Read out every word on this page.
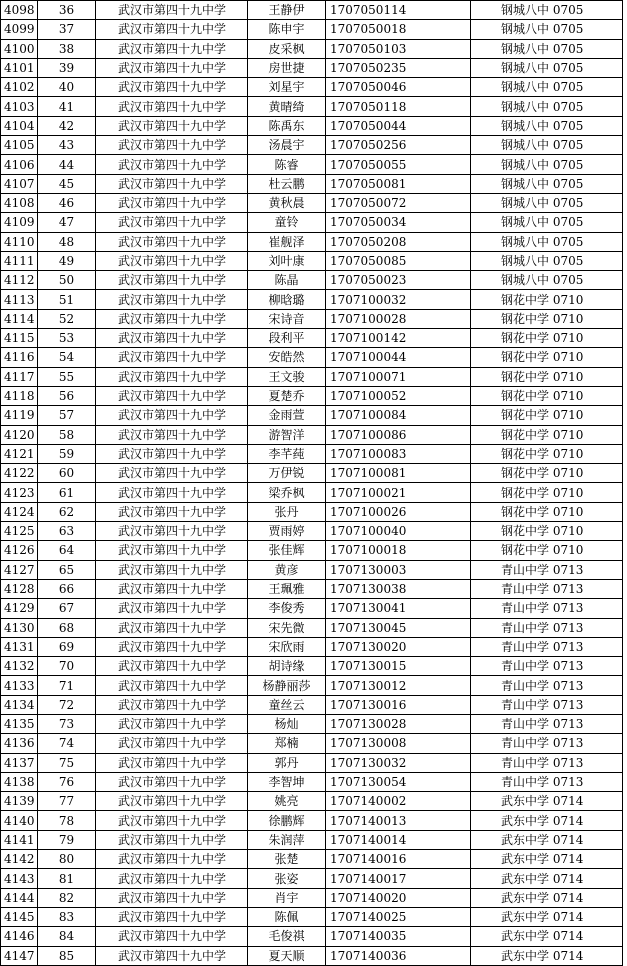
4098	36	武汉市第四十九中学	王静伊	1707050114	钢城八中 0705
4099	37	武汉市第四十九中学	陈申宇	1707050018	钢城八中 0705
4100	38	武汉市第四十九中学	皮采枫	1707050103	钢城八中 0705
4101	39	武汉市第四十九中学	房世捷	1707050235	钢城八中 0705
4102	40	武汉市第四十九中学	刘星宇	1707050046	钢城八中 0705
4103	41	武汉市第四十九中学	黄晴绮	1707050118	钢城八中 0705
4104	42	武汉市第四十九中学	陈禹东	1707050044	钢城八中 0705
4105	43	武汉市第四十九中学	汤晨宇	1707050256	钢城八中 0705
4106	44	武汉市第四十九中学	陈睿	1707050055	钢城八中 0705
4107	45	武汉市第四十九中学	杜云鹏	1707050081	钢城八中 0705
4108	46	武汉市第四十九中学	黄秋晨	1707050072	钢城八中 0705
4109	47	武汉市第四十九中学	童铃	1707050034	钢城八中 0705
4110	48	武汉市第四十九中学	崔舰泽	1707050208	钢城八中 0705
4111	49	武汉市第四十九中学	刘叶康	1707050085	钢城八中 0705
4112	50	武汉市第四十九中学	陈晶	1707050023	钢城八中 0705
4113	51	武汉市第四十九中学	柳晗璐	1707100032	钢花中学 0710
4114	52	武汉市第四十九中学	宋诗音	1707100028	钢花中学 0710
4115	53	武汉市第四十九中学	段利平	1707100142	钢花中学 0710
4116	54	武汉市第四十九中学	安皓然	1707100044	钢花中学 0710
4117	55	武汉市第四十九中学	王文骏	1707100071	钢花中学 0710
4118	56	武汉市第四十九中学	夏楚乔	1707100052	钢花中学 0710
4119	57	武汉市第四十九中学	金雨萱	1707100084	钢花中学 0710
4120	58	武汉市第四十九中学	游智洋	1707100086	钢花中学 0710
4121	59	武汉市第四十九中学	李芊莼	1707100083	钢花中学 0710
4122	60	武汉市第四十九中学	万伊锐	1707100081	钢花中学 0710
4123	61	武汉市第四十九中学	梁乔枫	1707100021	钢花中学 0710
4124	62	武汉市第四十九中学	张丹	1707100026	钢花中学 0710
4125	63	武汉市第四十九中学	贾雨婷	1707100040	钢花中学 0710
4126	64	武汉市第四十九中学	张佳辉	1707100018	钢花中学 0710
4127	65	武汉市第四十九中学	黄彦	1707130003	青山中学 0713
4128	66	武汉市第四十九中学	王珮雅	1707130038	青山中学 0713
4129	67	武汉市第四十九中学	李俊秀	1707130041	青山中学 0713
4130	68	武汉市第四十九中学	宋先微	1707130045	青山中学 0713
4131	69	武汉市第四十九中学	宋欣雨	1707130020	青山中学 0713
4132	70	武汉市第四十九中学	胡诗缘	1707130015	青山中学 0713
4133	71	武汉市第四十九中学	杨静丽莎	1707130012	青山中学 0713
4134	72	武汉市第四十九中学	童丝云	1707130016	青山中学 0713
4135	73	武汉市第四十九中学	杨灿	1707130028	青山中学 0713
4136	74	武汉市第四十九中学	郑楠	1707130008	青山中学 0713
4137	75	武汉市第四十九中学	郭丹	1707130032	青山中学 0713
4138	76	武汉市第四十九中学	李智坤	1707130054	青山中学 0713
4139	77	武汉市第四十九中学	姚亮	1707140002	武东中学 0714
4140	78	武汉市第四十九中学	徐鹏辉	1707140013	武东中学 0714
4141	79	武汉市第四十九中学	朱润萍	1707140014	武东中学 0714
4142	80	武汉市第四十九中学	张楚	1707140016	武东中学 0714
4143	81	武汉市第四十九中学	张姿	1707140017	武东中学 0714
4144	82	武汉市第四十九中学	肖宇	1707140020	武东中学 0714
4145	83	武汉市第四十九中学	陈佩	1707140025	武东中学 0714
4146	84	武汉市第四十九中学	毛俊祺	1707140035	武东中学 0714
4147	85	武汉市第四十九中学	夏天顺	1707140036	武东中学 0714
